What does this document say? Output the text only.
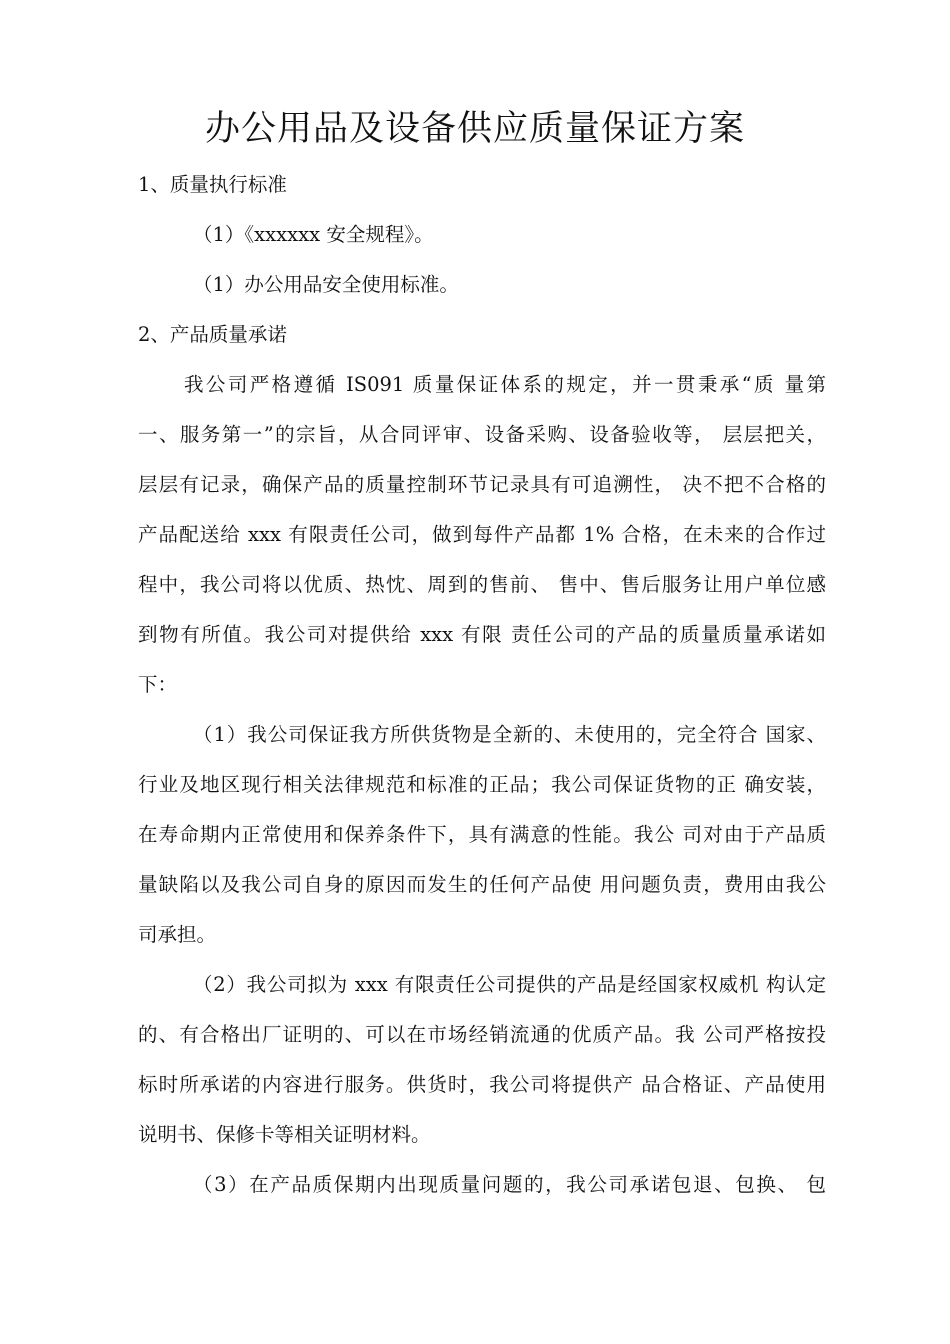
办公用品及设备供应质量保证方案

1、质量执行标准

（1）《xxxxxx 安全规程》。

（1）办公用品安全使用标准。

2、产品质量承诺

我公司严格遵循 IS091 质量保证体系的规定，并一贯秉承“质 量第

一、服务第一”的宗旨，从合同评审、设备采购、设备验收等， 层层把关，

层层有记录，确保产品的质量控制环节记录具有可追溯性， 决不把不合格的

产品配送给 xxx 有限责任公司，做到每件产品都 1% 合格，在未来的合作过

程中，我公司将以优质、热忱、周到的售前、 售中、售后服务让用户单位感

到物有所值。我公司对提供给 xxx 有限 责任公司的产品的质量质量承诺如

下：

（1）我公司保证我方所供货物是全新的、未使用的，完全符合 国家、

行业及地区现行相关法律规范和标准的正品；我公司保证货物的正 确安装，

在寿命期内正常使用和保养条件下，具有满意的性能。我公 司对由于产品质

量缺陷以及我公司自身的原因而发生的任何产品使 用问题负责，费用由我公

司承担。

（2）我公司拟为 xxx 有限责任公司提供的产品是经国家权威机 构认定

的、有合格出厂证明的、可以在市场经销流通的优质产品。我 公司严格按投

标时所承诺的内容进行服务。供货时，我公司将提供产 品合格证、产品使用

说明书、保修卡等相关证明材料。

（3）在产品质保期内出现质量问题的，我公司承诺包退、包换、 包
